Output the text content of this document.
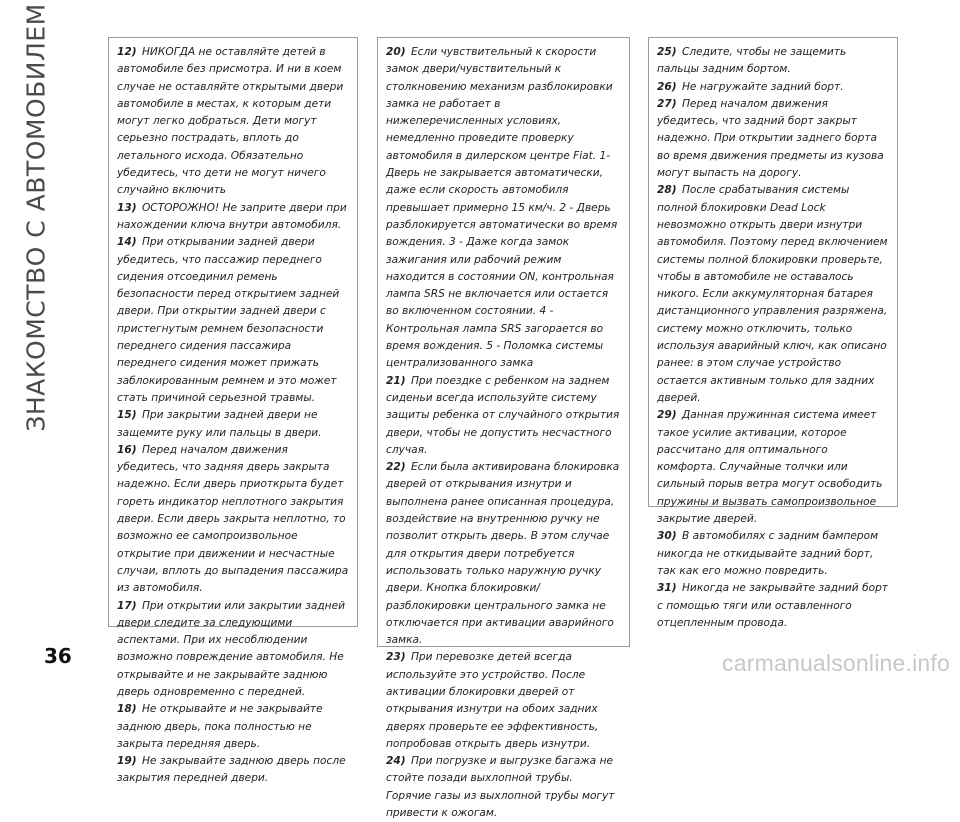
ЗНАКОМСТВО С АВТОМОБИЛЕМ	12) НИКОГДА не оставляйте детей в автомобиле без присмотра. И ни в коем случае не оставляйте открытыми двери автомобиле в местах, к которым дети могут легко добраться. Дети могут серьезно пострадать, вплоть до летального исхода. Обязательно убедитесь, что дети не могут ничего случайно включить

13) ОСТОРОЖНО! Не заприте двери при нахождении ключа внутри автомобиля.

14) При открывании задней двери убедитесь, что пассажир переднего сидения отсоединил ремень безопасности перед открытием задней двери. При открытии задней двери с пристегнутым ремнем безопасности переднего сидения пассажира переднего сидения может прижать заблокированным ремнем и это может стать причиной серьезной травмы.

15) При закрытии задней двери не защемите руку или пальцы в двери.

16) Перед началом движения убедитесь, что задняя дверь закрыта надежно. Если дверь приоткрыта будет гореть индикатор неплотного закрытия двери. Если дверь закрыта неплотно, то возможно ее самопроизвольное открытие при движении и несчастные случаи, вплоть до выпадения пассажира из автомобиля.

17) При открытии или закрытии задней двери следите за следующими аспектами. При их несоблюдении возможно повреждение автомобиля. Не открывайте и не закрывайте заднюю дверь одновременно с передней.

18) Не открывайте и не закрывайте заднюю дверь, пока полностью не закрыта передняя дверь.

19) Не закрывайте заднюю дверь после закрытия передней двери.

20) Если чувствительный к скорости замок двери/чувствительный к столкновению механизм разблокировки замка не работает в нижеперечисленных условиях, немедленно проведите проверку автомобиля в дилерском центре Fiat. 1- Дверь не закрывается автоматически, даже если скорость автомобиля превышает примерно 15 км/ч. 2 - Дверь разблокируется автоматически во время вождения. 3 - Даже когда замок зажигания или рабочий режим находится в состоянии ON, контрольная лампа SRS не включается или остается во включенном состоянии. 4 - Контрольная лампа SRS загорается во время вождения. 5 - Поломка системы централизованного замка

21) При поездке с ребенком на заднем сиденьи всегда используйте систему защиты ребенка от случайного открытия двери, чтобы не допустить несчастного случая.

22) Если была активирована блокировка дверей от открывания изнутри и выполнена ранее описанная процедура, воздействие на внутреннюю ручку не позволит открыть дверь. В этом случае для открытия двери потребуется использовать только наружную ручку двери. Кнопка блокировки/разблокировки центрального замка не отключается при активации аварийного замка.

23) При перевозке детей всегда используйте это устройство. После активации блокировки дверей от открывания изнутри на обоих задних дверях проверьте ее эффективность, попробовав открыть дверь изнутри.

24) При погрузке и выгрузке багажа не стойте позади выхлопной трубы. Горячие газы из выхлопной трубы могут привести к ожогам.

25) Следите, чтобы не защемить пальцы задним бортом.

26) Не нагружайте задний борт.

27) Перед началом движения убедитесь, что задний борт закрыт надежно. При открытии заднего борта во время движения предметы из кузова могут выпасть на дорогу.

28) После срабатывания системы полной блокировки Dead Lock невозможно открыть двери изнутри автомобиля. Поэтому перед включением системы полной блокировки проверьте, чтобы в автомобиле не оставалось никого. Если аккумуляторная батарея дистанционного управления разряжена, систему можно отключить, только используя аварийный ключ, как описано ранее: в этом случае устройство остается активным только для задних дверей.

29) Данная пружинная система имеет такое усилие активации, которое рассчитано для оптимального комфорта. Случайные толчки или сильный порыв ветра могут освободить пружины и вызвать самопроизвольное закрытие дверей.

30) В автомобилях с задним бампером никогда не откидывайте задний борт, так как его можно повредить.

31) Никогда не закрывайте задний борт с помощью тяги или оставленного отцепленным провода.

36	carmanualsonline.info
